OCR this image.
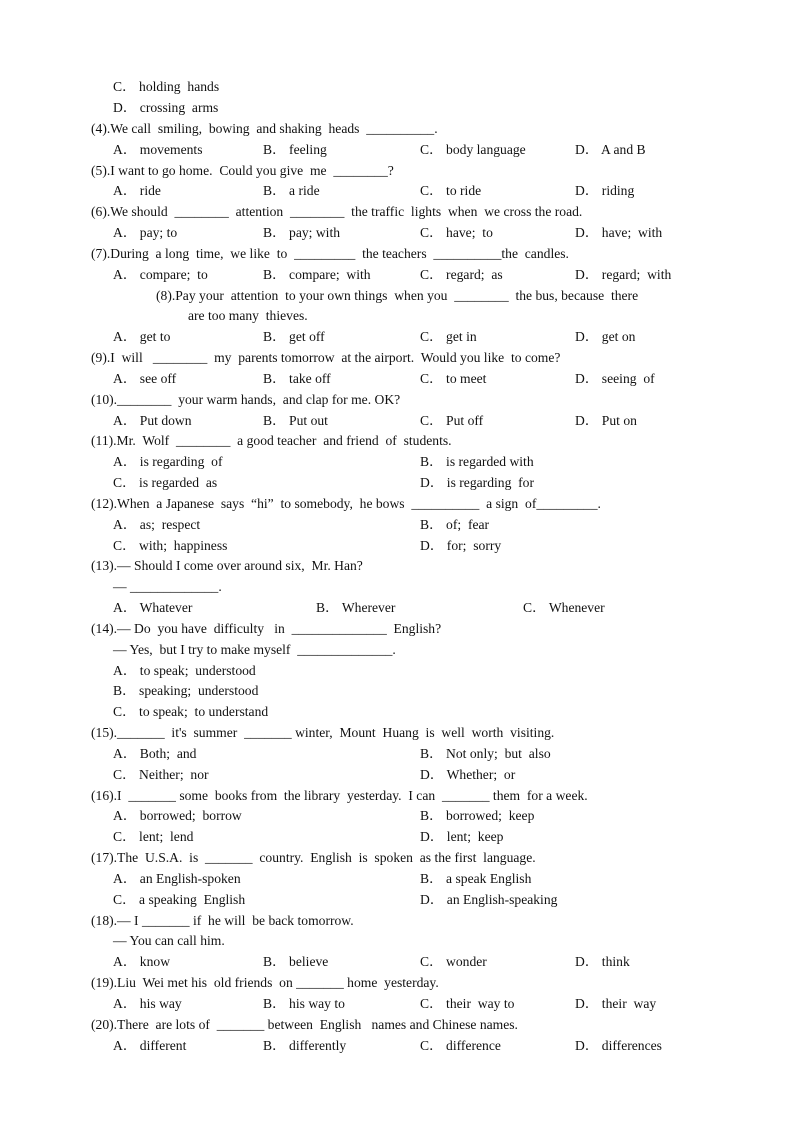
C． holding  hands
D． crossing  arms
(4).We call  smiling,  bowing  and shaking  heads  __________.
A． movements	B． feeling	C． body language	D． A and B
(5).I want to go home.  Could you give  me  ________?
A． ride	B． a ride	C． to ride	D． riding
(6).We should  ________  attention  ________  the traffic  lights  when  we cross the road.
A． pay; to	B． pay; with	C． have;  to	D． have;  with
(7).During  a long  time,  we like  to  _________  the teachers  __________the  candles.
A． compare;  to	B． compare;  with	C． regard;  as	D． regard;  with
(8).Pay your  attention  to your own things  when you  ________  the bus, because  there
are too many  thieves.
A． get to	B． get off	C． get in	D． get on
(9).I  will   ________  my  parents tomorrow  at the airport.  Would you like  to come?
A． see off	B． take off	C． to meet	D． seeing  of
(10).________  your warm hands,  and clap for me. OK?
A． Put down	B． Put out	C． Put off	D． Put on
(11).Mr.  Wolf  ________  a good teacher  and friend  of  students.
A． is regarding  of	B． is regarded with
C． is regarded  as	D． is regarding  for
(12).When  a Japanese  says  “hi”  to somebody,  he bows  __________  a sign  of_________.
A． as;  respect	B． of;  fear
C． with;  happiness	D． for;  sorry
(13).— Should I come over around six,  Mr. Han?
— _____________.
A． Whatever	B． Wherever	C． Whenever
(14).— Do  you have  difficulty   in  ______________  English?
— Yes,  but I try to make myself  ______________.
A． to speak;  understood
B． speaking;  understood
C． to speak;  to understand
(15)._______  it's  summer  _______ winter,  Mount  Huang  is  well  worth  visiting.
A． Both;  and	B． Not only;  but  also
C． Neither;  nor	D． Whether;  or
(16).I  _______ some  books from  the library  yesterday.  I can  _______ them  for a week.
A． borrowed;  borrow	B． borrowed;  keep
C． lent;  lend	D． lent;  keep
(17).The  U.S.A.  is  _______  country.  English  is  spoken  as the first  language.
A． an English-spoken	B． a speak English
C． a speaking  English	D． an English-speaking
(18).— I _______ if  he will  be back tomorrow.
— You can call him.
A． know	B． believe	C． wonder	D． think
(19).Liu  Wei met his  old friends  on _______ home  yesterday.
A． his way	B． his way to	C． their  way to	D． their  way
(20).There  are lots of  _______ between  English   names and Chinese names.
A． different	B． differently	C． difference	D． differences
